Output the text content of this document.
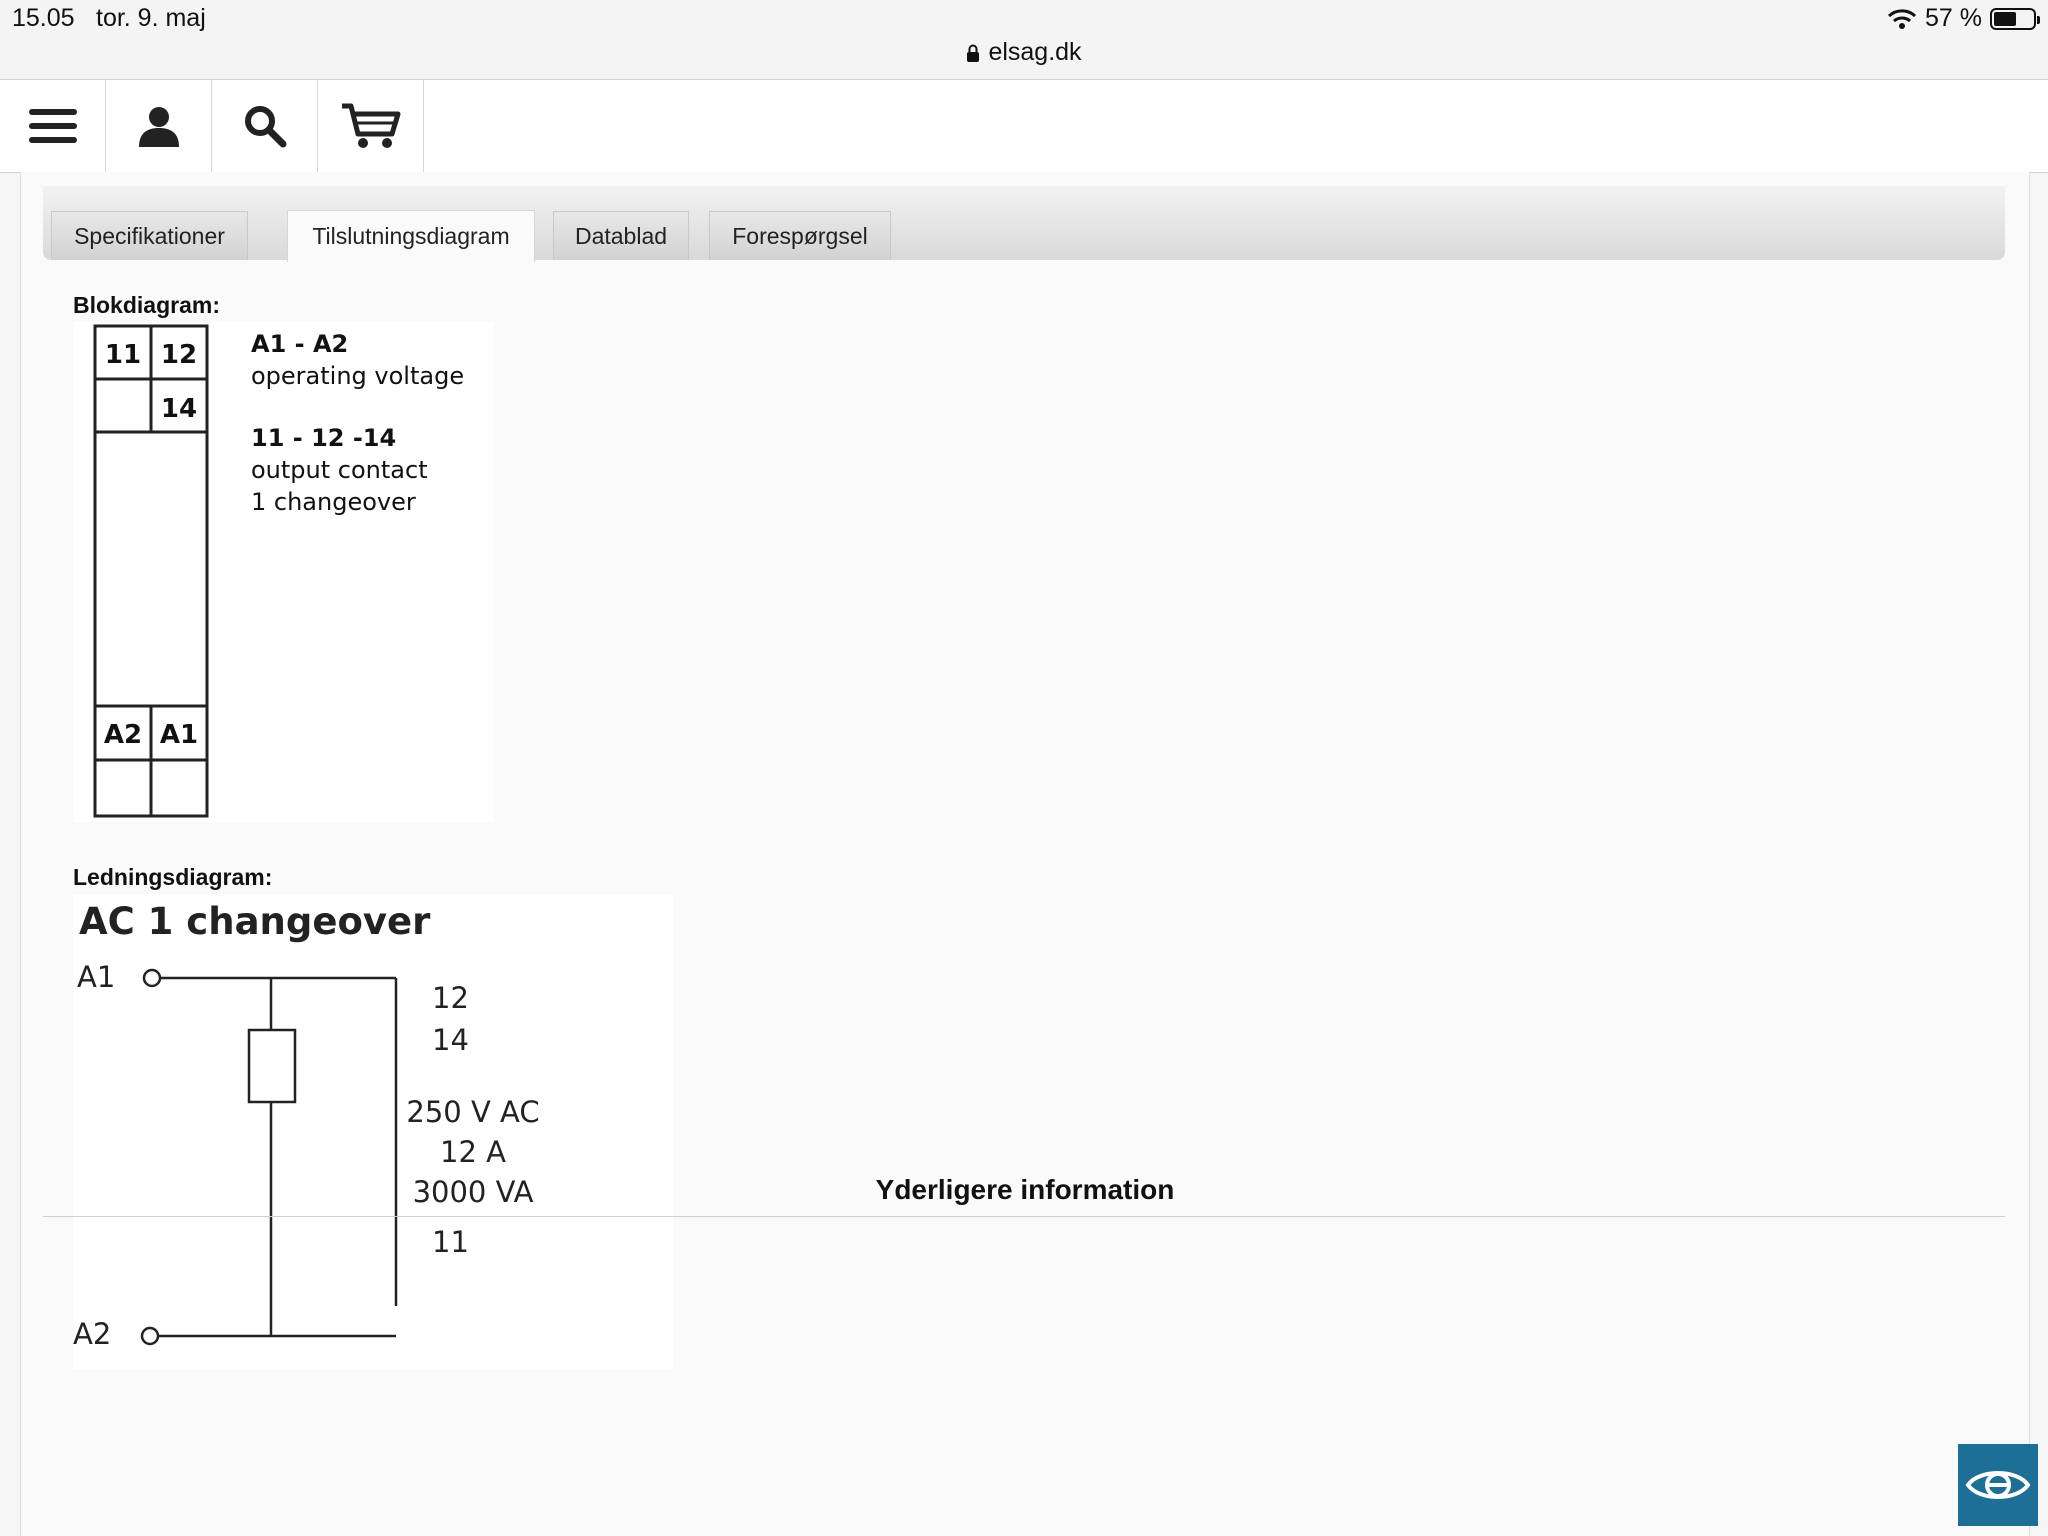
15.05 tor. 9. maj	57 %
elsag.dk
Specifikationer	Tilslutningsdiagram	Datablad	Forespørgsel
Blokdiagram:
11 12
14
A2 A1
A1 - A2
operating voltage
11 - 12 -14
output contact
1 changeover
Ledningsdiagram:
AC 1 changeover
A1
A2
12
14
11
250 V AC
12 A
3000 VA	Yderligere information
